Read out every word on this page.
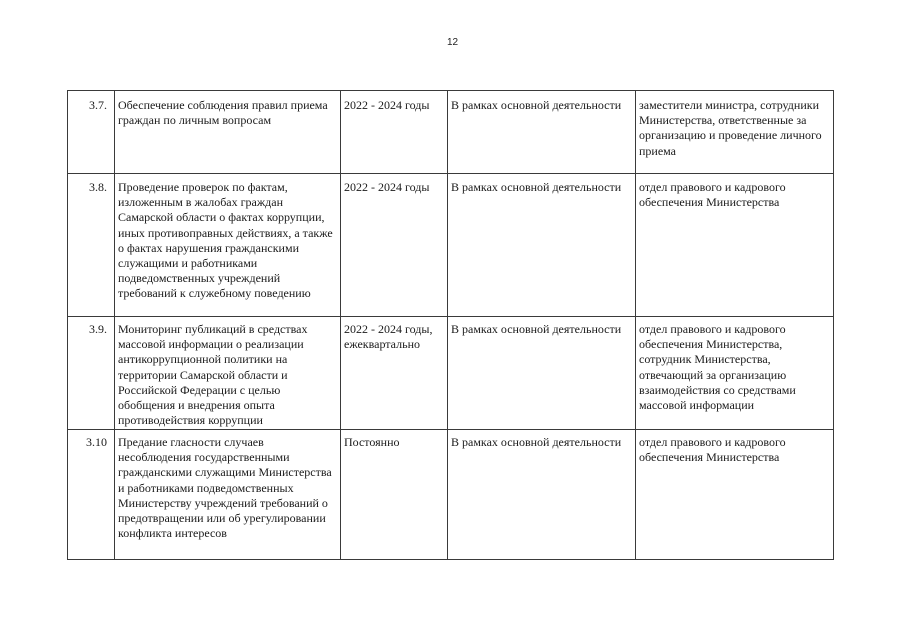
12
3.7.	Обеспечение соблюдения правил приема граждан по личным вопросам	2022 - 2024 годы	В рамках основной деятельности	заместители министра, сотрудники Министерства, ответственные за организацию и проведение личного приема
3.8.	Проведение проверок по фактам, изложенным в жалобах граждан Самарской области о фактах коррупции, иных противоправных действиях, а также о фактах нарушения гражданскими служащими и работниками подведомственных учреждений требований к служебному поведению	2022 - 2024 годы	В рамках основной деятельности	отдел правового и кадрового обеспечения Министерства
3.9.	Мониторинг публикаций в средствах массовой информации о реализации антикоррупционной политики на территории Самарской области и Российской Федерации с целью обобщения и внедрения опыта противодействия коррупции	2022 - 2024 годы, ежеквартально	В рамках основной деятельности	отдел правового и кадрового обеспечения Министерства, сотрудник Министерства, отвечающий за организацию взаимодействия со средствами массовой информации
3.10	Предание гласности случаев несоблюдения государственными гражданскими служащими Министерства и работниками подведомственных Министерству учреждений требований о предотвращении или об урегулировании конфликта интересов	Постоянно	В рамках основной деятельности	отдел правового и кадрового обеспечения Министерства
